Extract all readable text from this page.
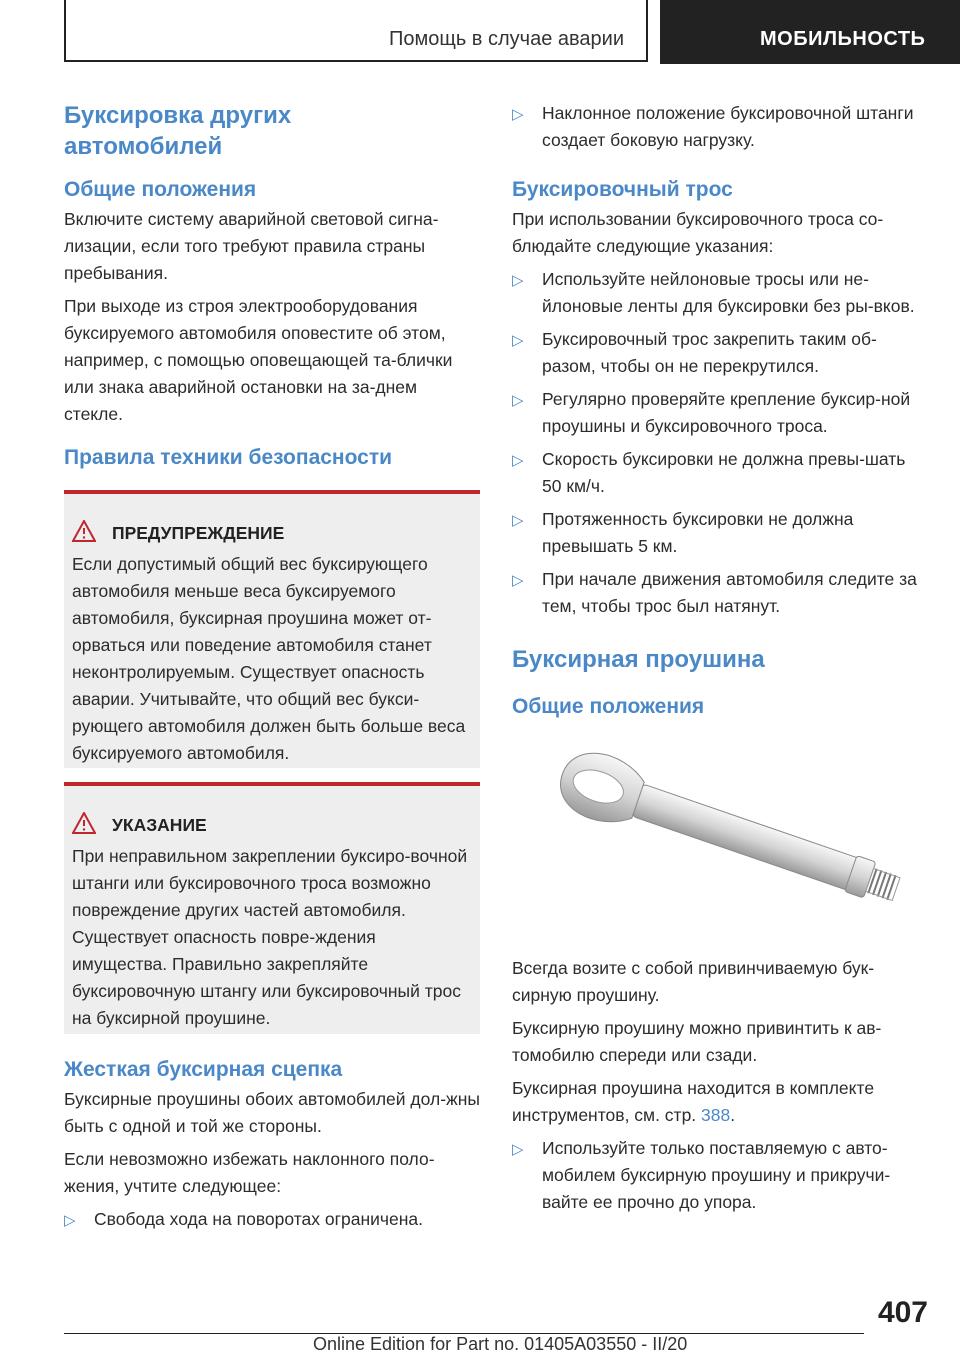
Помощь в случае аварии	МОБИЛЬНОСТЬ
Буксировка других
автомобилей
Общие положения

Включите систему аварийной световой сигна-лизации, если того требуют правила страны пребывания.

При выходе из строя электрооборудования буксируемого автомобиля оповестите об этом, например, с помощью оповещающей та-блички или знака аварийной остановки на за-днем стекле.

Правила техники безопасности
ПРЕДУПРЕЖДЕНИЕ

Если допустимый общий вес буксирующего автомобиля меньше веса буксируемого автомобиля, буксирная проушина может от-орваться или поведение автомобиля станет неконтролируемым. Существует опасность аварии. Учитывайте, что общий вес букси-рующего автомобиля должен быть больше веса буксируемого автомобиля.

УКАЗАНИЕ

При неправильном закреплении буксиро-вочной штанги или буксировочного троса возможно повреждение других частей автомобиля. Существует опасность повре-ждения имущества. Правильно закрепляйте буксировочную штангу или буксировочный трос на буксирной проушине.

Жесткая буксирная сцепка

Буксирные проушины обоих автомобилей дол-жны быть с одной и той же стороны.

Если невозможно избежать наклонного поло-жения, учтите следующее:

▷ Свобода хода на поворотах ограничена.
▷ Наклонное положение буксировочной штанги создает боковую нагрузку.
Буксировочный трос

При использовании буксировочного троса со-блюдайте следующие указания:

▷ Используйте нейлоновые тросы или не-йлоновые ленты для буксировки без ры-вков.
▷ Буксировочный трос закрепить таким об-разом, чтобы он не перекрутился.
▷ Регулярно проверяйте крепление буксир-ной проушины и буксировочного троса.
▷ Скорость буксировки не должна превы-шать 50 км/ч.
▷ Протяженность буксировки не должна превышать 5 км.
▷ При начале движения автомобиля следите за тем, чтобы трос был натянут.
Буксирная проушина
Общие положения

Всегда возите с собой привинчиваемую бук-сирную проушину.

Буксирную проушину можно привинтить к ав-томобилю спереди или сзади.

Буксирная проушина находится в комплекте инструментов, см. стр. 388.

▷ Используйте только поставляемую с авто-мобилем буксирную проушину и прикручи-вайте ее прочно до упора.
407
Online Edition for Part no. 01405A03550 - II/20
